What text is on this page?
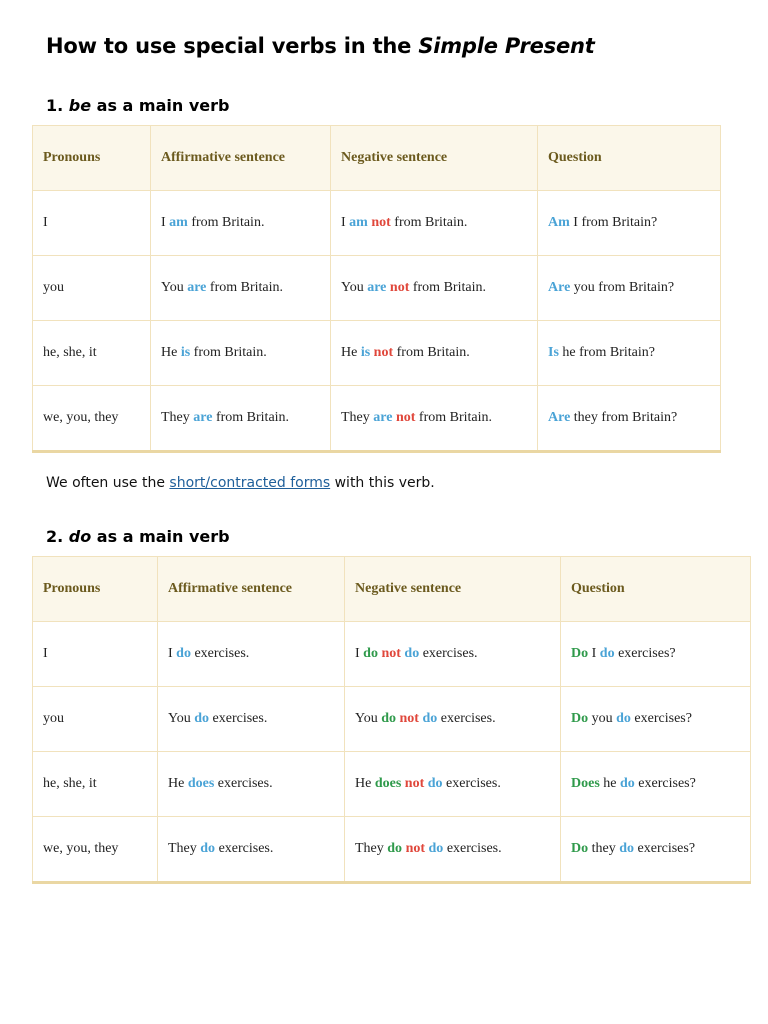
How to use special verbs in the Simple Present
1. be as a main verb
Pronouns	Affirmative sentence	Negative sentence	Question
I	I am from Britain.	I am not from Britain.	Am I from Britain?
you	You are from Britain.	You are not from Britain.	Are you from Britain?
he, she, it	He is from Britain.	He is not from Britain.	Is he from Britain?
we, you, they	They are from Britain.	They are not from Britain.	Are they from Britain?

We often use the short/contracted forms with this verb.

2. do as a main verb
Pronouns	Affirmative sentence	Negative sentence	Question
I	I do exercises.	I do not do exercises.	Do I do exercises?
you	You do exercises.	You do not do exercises.	Do you do exercises?
he, she, it	He does exercises.	He does not do exercises.	Does he do exercises?
we, you, they	They do exercises.	They do not do exercises.	Do they do exercises?
